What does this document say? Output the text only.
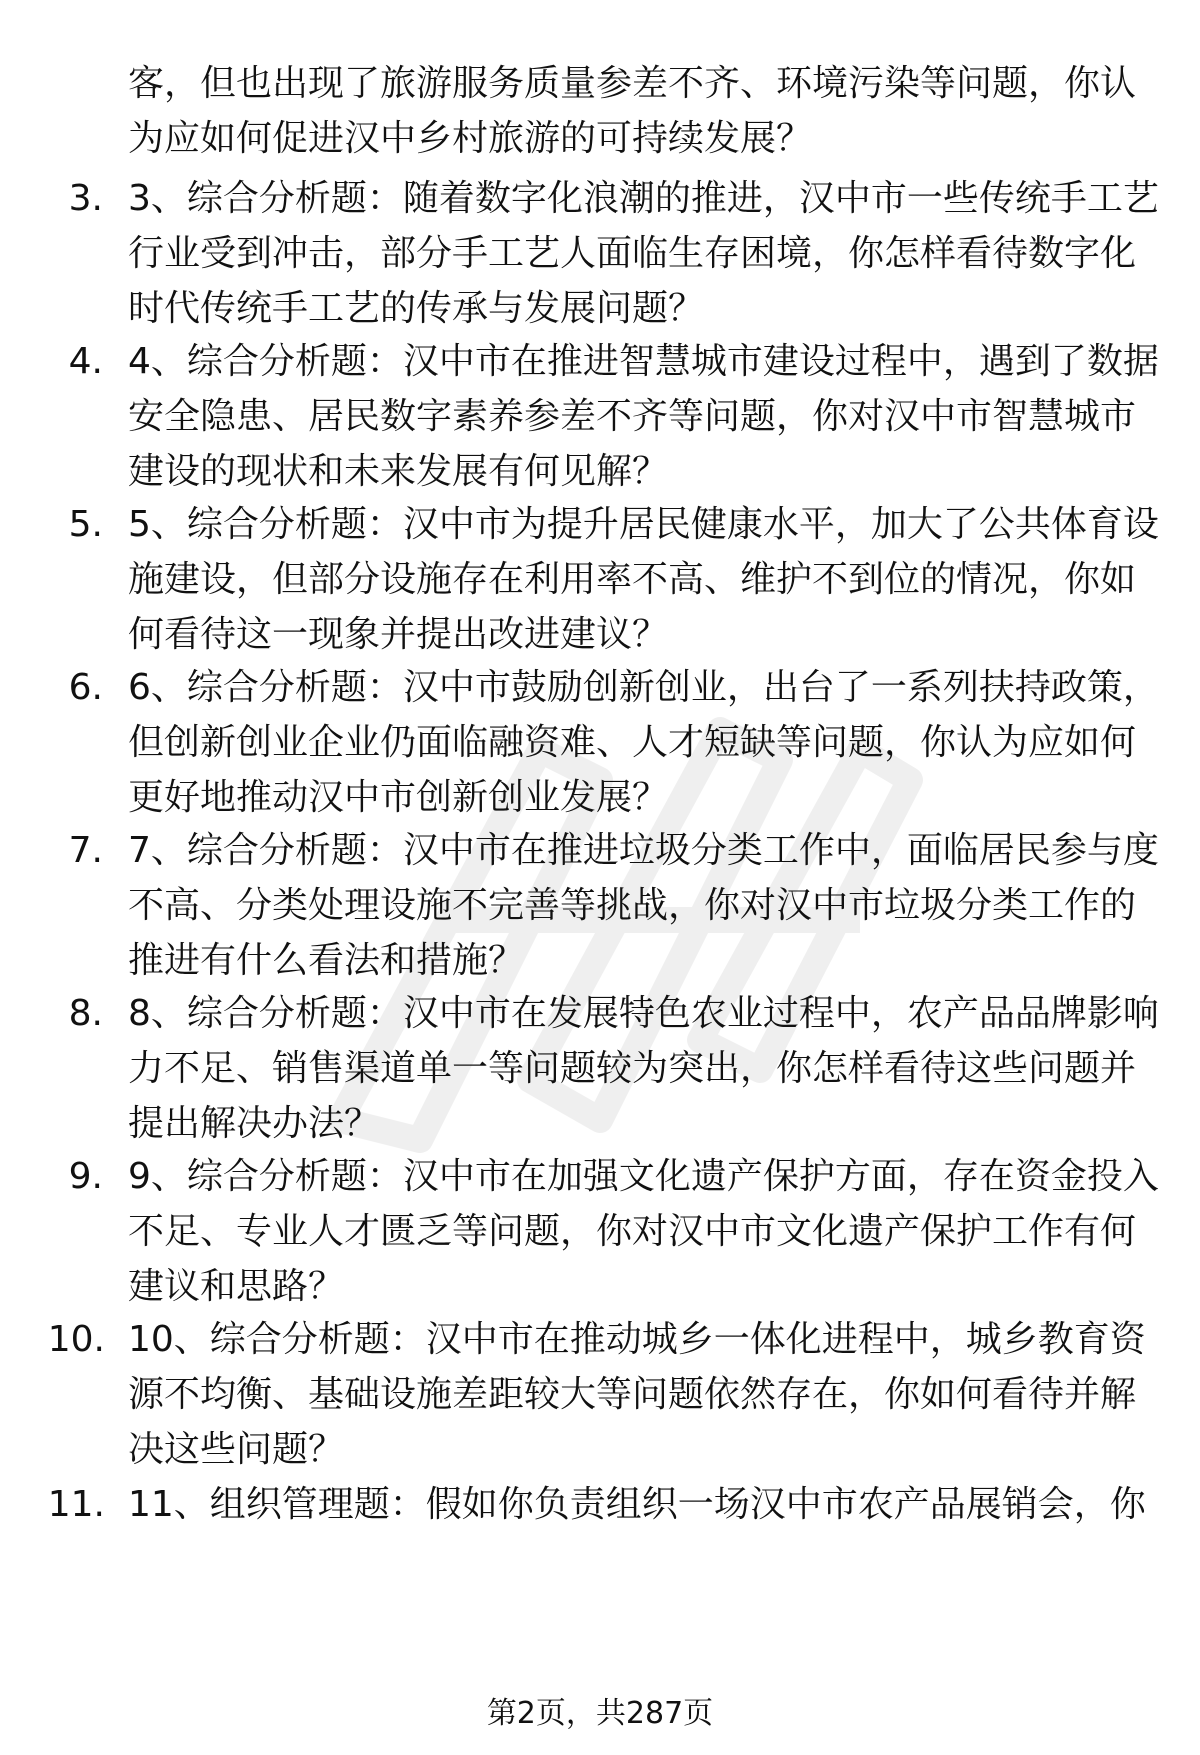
客，但也出现了旅游服务质量参差不齐、环境污染等问题，你认
为应如何促进汉中乡村旅游的可持续发展？
3. 3、综合分析题：随着数字化浪潮的推进，汉中市一些传统手工艺
行业受到冲击，部分手工艺人面临生存困境，你怎样看待数字化
时代传统手工艺的传承与发展问题？
4. 4、综合分析题：汉中市在推进智慧城市建设过程中，遇到了数据
安全隐患、居民数字素养参差不齐等问题，你对汉中市智慧城市
建设的现状和未来发展有何见解？
5. 5、综合分析题：汉中市为提升居民健康水平，加大了公共体育设
施建设，但部分设施存在利用率不高、维护不到位的情况，你如
何看待这一现象并提出改进建议？
6. 6、综合分析题：汉中市鼓励创新创业，出台了一系列扶持政策，
但创新创业企业仍面临融资难、人才短缺等问题，你认为应如何
更好地推动汉中市创新创业发展？
7. 7、综合分析题：汉中市在推进垃圾分类工作中，面临居民参与度
不高、分类处理设施不完善等挑战，你对汉中市垃圾分类工作的
推进有什么看法和措施？
8. 8、综合分析题：汉中市在发展特色农业过程中，农产品品牌影响
力不足、销售渠道单一等问题较为突出，你怎样看待这些问题并
提出解决办法？
9. 9、综合分析题：汉中市在加强文化遗产保护方面，存在资金投入
不足、专业人才匮乏等问题，你对汉中市文化遗产保护工作有何
建议和思路？
10. 10、综合分析题：汉中市在推动城乡一体化进程中，城乡教育资
源不均衡、基础设施差距较大等问题依然存在，你如何看待并解
决这些问题？
11. 11、组织管理题：假如你负责组织一场汉中市农产品展销会，你
第2页，共287页
